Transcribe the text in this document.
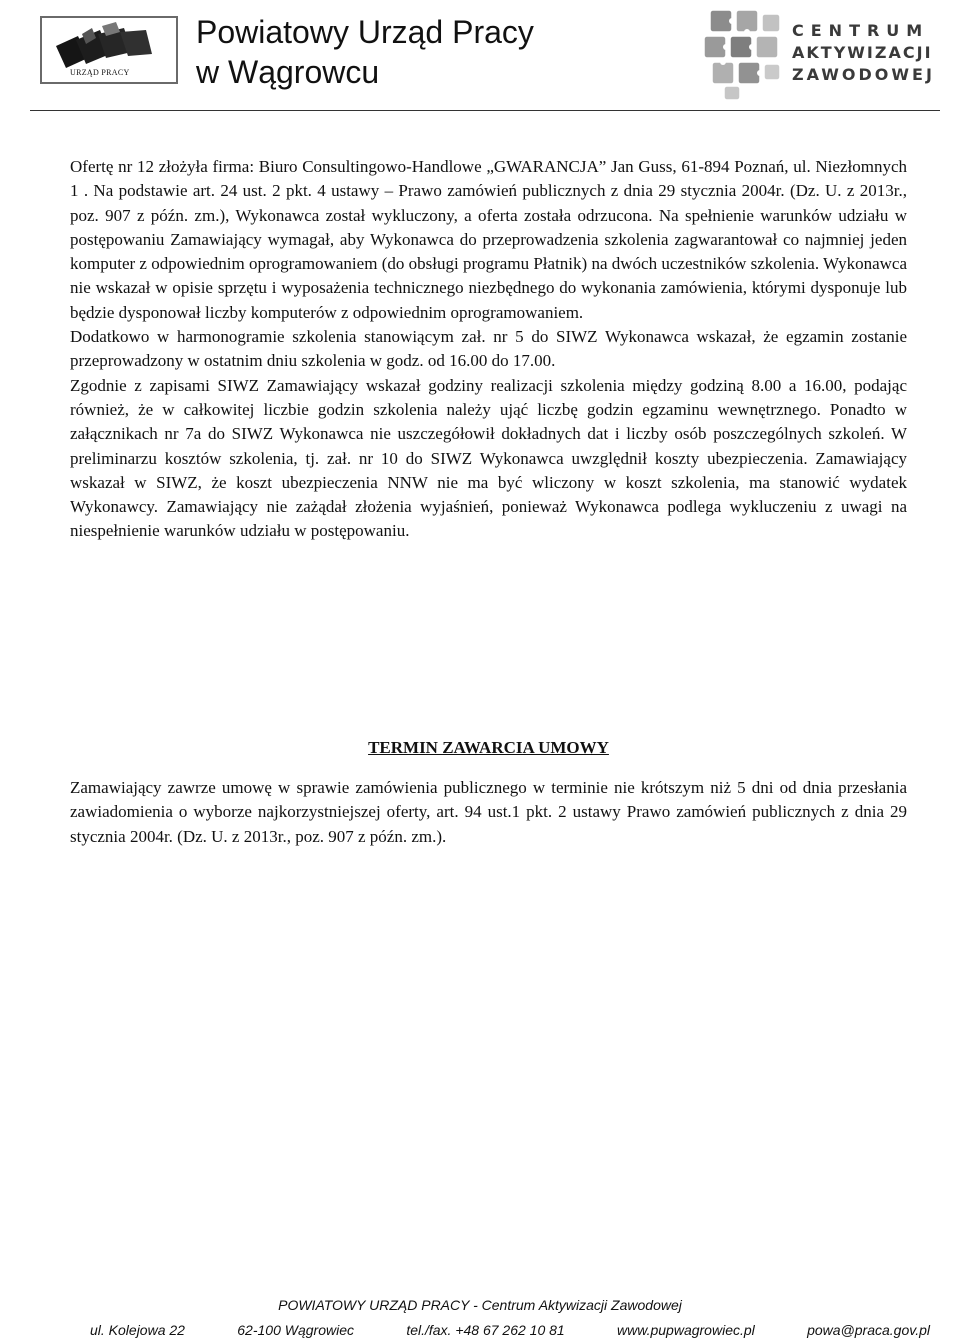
URZĄD PRACY
Powiatowy Urząd Pracy
w Wągrowcu
CENTRUM
AKTYWIZACJI
ZAWODOWEJ

Ofertę nr 12 złożyła firma: Biuro Consultingowo-Handlowe „GWARANCJA” Jan Guss, 61-894 Poznań, ul. Niezłomnych 1 . Na podstawie art. 24 ust. 2 pkt. 4 ustawy – Prawo zamówień publicznych z dnia 29 stycznia 2004r. (Dz. U. z 2013r., poz. 907 z późn. zm.), Wykonawca został wykluczony, a oferta została odrzucona. Na spełnienie warunków udziału w postępowaniu Zamawiający wymagał, aby Wykonawca do przeprowadzenia szkolenia zagwarantował co najmniej jeden komputer z odpowiednim oprogramowaniem (do obsługi programu Płatnik) na dwóch uczestników szkolenia. Wykonawca nie wskazał w opisie sprzętu i wyposażenia technicznego niezbędnego do wykonania zamówienia, którymi dysponuje lub będzie dysponował liczby komputerów z odpowiednim oprogramowaniem.

Dodatkowo w harmonogramie szkolenia stanowiącym zał. nr 5 do SIWZ Wykonawca wskazał, że egzamin zostanie przeprowadzony w ostatnim dniu szkolenia w godz. od 16.00 do 17.00.

Zgodnie z zapisami SIWZ Zamawiający wskazał godziny realizacji szkolenia między godziną 8.00 a 16.00, podając również, że w całkowitej liczbie godzin szkolenia należy ująć liczbę godzin egzaminu wewnętrznego. Ponadto w załącznikach nr 7a do SIWZ Wykonawca nie uszczegółowił dokładnych dat i liczby osób poszczególnych szkoleń. W preliminarzu kosztów szkolenia, tj. zał. nr 10 do SIWZ Wykonawca uwzględnił koszty ubezpieczenia. Zamawiający wskazał w SIWZ, że koszt ubezpieczenia NNW nie ma być wliczony w koszt szkolenia, ma stanowić wydatek Wykonawcy. Zamawiający nie zażądał złożenia wyjaśnień, ponieważ Wykonawca podlega wykluczeniu z uwagi na niespełnienie warunków udziału w postępowaniu.

TERMIN ZAWARCIA UMOWY
Zamawiający zawrze umowę w sprawie zamówienia publicznego w terminie nie krótszym niż 5 dni od dnia przesłania zawiadomienia o wyborze najkorzystniejszej oferty, art. 94 ust.1 pkt. 2 ustawy Prawo zamówień publicznych z dnia 29 stycznia 2004r. (Dz. U. z 2013r., poz. 907 z późn. zm.).
POWIATOWY URZĄD PRACY - Centrum Aktywizacji Zawodowej
ul. Kolejowa 22	62-100 Wągrowiec	tel./fax. +48 67 262 10 81	www.pupwagrowiec.pl	powa@praca.gov.pl
